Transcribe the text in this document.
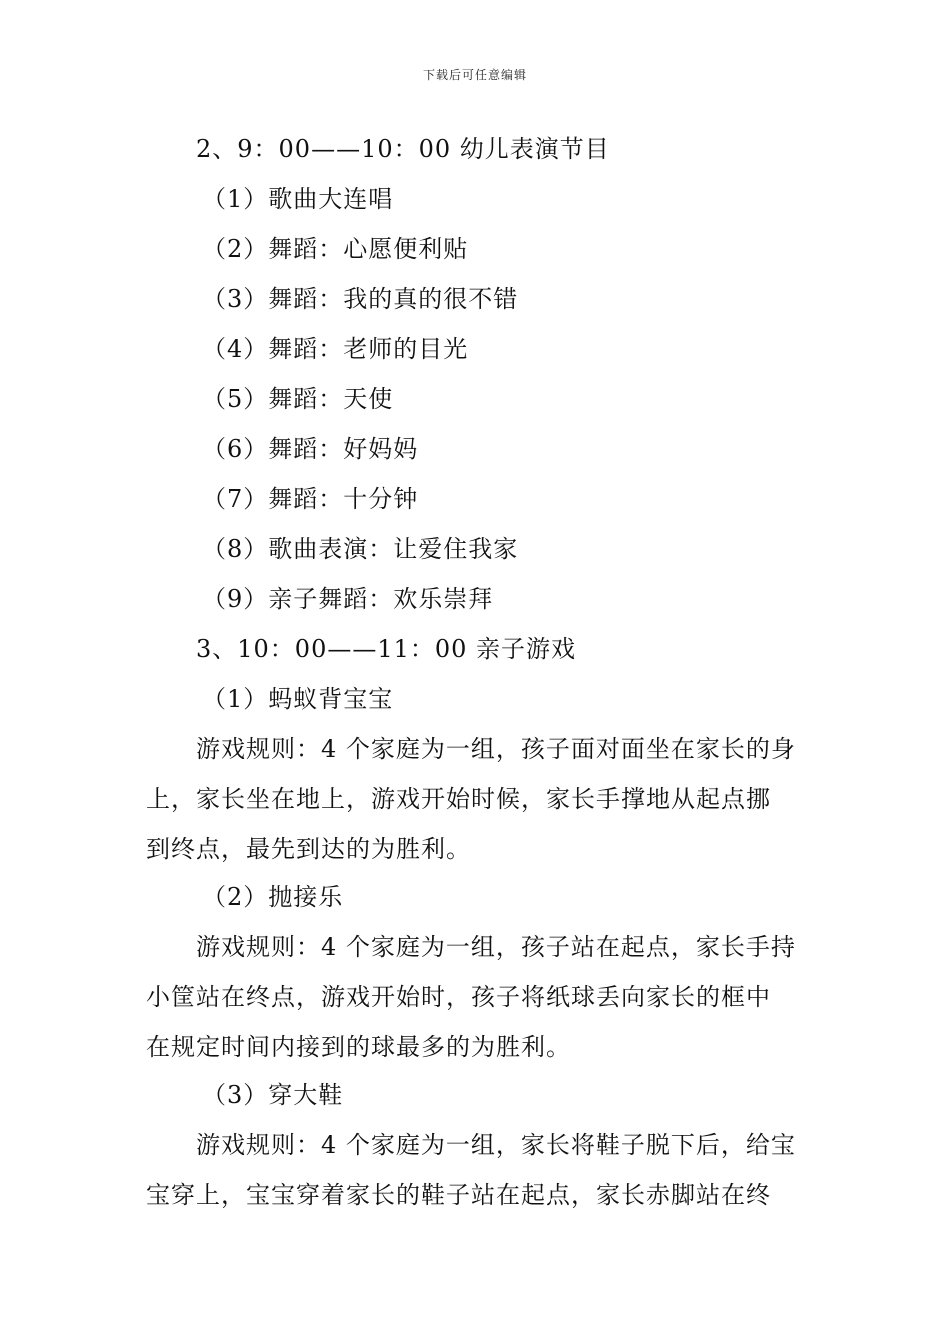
下载后可任意编辑
2、9：00——10：00 幼儿表演节目
（1）歌曲大连唱
（2）舞蹈：心愿便利贴
（3）舞蹈：我的真的很不错
（4）舞蹈：老师的目光
（5）舞蹈：天使
（6）舞蹈：好妈妈
（7）舞蹈：十分钟
（8）歌曲表演：让爱住我家
（9）亲子舞蹈：欢乐崇拜
3、10：00——11：00 亲子游戏
（1）蚂蚁背宝宝
游戏规则：4 个家庭为一组，孩子面对面坐在家长的身
上，家长坐在地上，游戏开始时候，家长手撑地从起点挪
到终点，最先到达的为胜利。
（2）抛接乐
游戏规则：4 个家庭为一组，孩子站在起点，家长手持
小筐站在终点，游戏开始时，孩子将纸球丢向家长的框中
在规定时间内接到的球最多的为胜利。
（3）穿大鞋
游戏规则：4 个家庭为一组，家长将鞋子脱下后，给宝
宝穿上，宝宝穿着家长的鞋子站在起点，家长赤脚站在终
